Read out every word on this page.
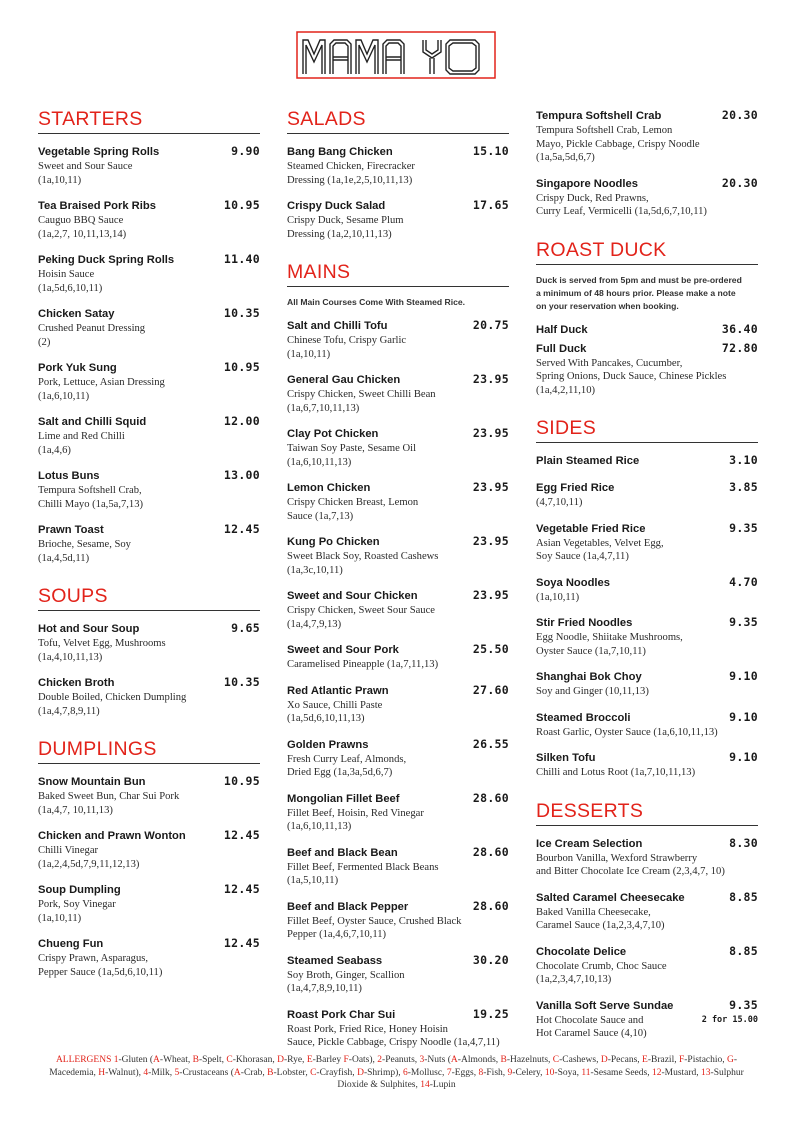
STARTERS
Vegetable Spring Rolls	9.90
Sweet and Sour Sauce
(1a,10,11)
Tea Braised Pork Ribs	10.95
Cauguo BBQ Sauce
(1a,2,7, 10,11,13,14)
Peking Duck Spring Rolls	11.40
Hoisin Sauce
(1a,5d,6,10,11)
Chicken Satay	10.35
Crushed Peanut Dressing
(2)
Pork Yuk Sung	10.95
Pork, Lettuce, Asian Dressing
(1a,6,10,11)
Salt and Chilli Squid	12.00
Lime and Red Chilli
(1a,4,6)
Lotus Buns	13.00
Tempura Softshell Crab,
Chilli Mayo (1a,5a,7,13)
Prawn Toast	12.45
Brioche, Sesame, Soy
(1a,4,5d,11)
SOUPS
Hot and Sour Soup	9.65
Tofu, Velvet Egg, Mushrooms
(1a,4,10,11,13)
Chicken Broth	10.35
Double Boiled, Chicken Dumpling
(1a,4,7,8,9,11)
DUMPLINGS
Snow Mountain Bun	10.95
Baked Sweet Bun, Char Sui Pork
(1a,4,7, 10,11,13)
Chicken and Prawn Wonton	12.45
Chilli Vinegar
(1a,2,4,5d,7,9,11,12,13)
Soup Dumpling	12.45
Pork, Soy Vinegar
(1a,10,11)
Chueng Fun	12.45
Crispy Prawn, Asparagus,
Pepper Sauce (1a,5d,6,10,11)
SALADS
Bang Bang Chicken	15.10
Steamed Chicken, Firecracker
Dressing (1a,1e,2,5,10,11,13)
Crispy Duck Salad	17.65
Crispy Duck, Sesame Plum
Dressing (1a,2,10,11,13)
MAINS
All Main Courses Come With Steamed Rice.
Salt and Chilli Tofu	20.75
Chinese Tofu, Crispy Garlic
(1a,10,11)
General Gau Chicken	23.95
Crispy Chicken, Sweet Chilli Bean
(1a,6,7,10,11,13)
Clay Pot Chicken	23.95
Taiwan Soy Paste, Sesame Oil
(1a,6,10,11,13)
Lemon Chicken	23.95
Crispy Chicken Breast, Lemon
Sauce (1a,7,13)
Kung Po Chicken	23.95
Sweet Black Soy, Roasted Cashews
(1a,3c,10,11)
Sweet and Sour Chicken	23.95
Crispy Chicken, Sweet Sour Sauce
(1a,4,7,9,13)
Sweet and Sour Pork	25.50
Caramelised Pineapple (1a,7,11,13)
Red Atlantic Prawn	27.60
Xo Sauce, Chilli Paste
(1a,5d,6,10,11,13)
Golden Prawns	26.55
Fresh Curry Leaf, Almonds,
Dried Egg (1a,3a,5d,6,7)
Mongolian Fillet Beef	28.60
Fillet Beef, Hoisin, Red Vinegar
(1a,6,10,11,13)
Beef and Black Bean	28.60
Fillet Beef, Fermented Black Beans
(1a,5,10,11)
Beef and Black Pepper	28.60
Fillet Beef, Oyster Sauce, Crushed Black
Pepper (1a,4,6,7,10,11)
Steamed Seabass	30.20
Soy Broth, Ginger, Scallion
(1a,4,7,8,9,10,11)
Roast Pork Char Sui	19.25
Roast Pork, Fried Rice, Honey Hoisin
Sauce, Pickle Cabbage, Crispy Noodle (1a,4,7,11)
Tempura Softshell Crab	20.30
Tempura Softshell Crab, Lemon
Mayo, Pickle Cabbage, Crispy Noodle
(1a,5a,5d,6,7)
Singapore Noodles	20.30
Crispy Duck, Red Prawns,
Curry Leaf, Vermicelli (1a,5d,6,7,10,11)
ROAST DUCK
Duck is served from 5pm and must be pre-ordered
a minimum of 48 hours prior. Please make a note
on your reservation when booking.
Half Duck	36.40
Full Duck	72.80
Served With Pancakes, Cucumber,
Spring Onions, Duck Sauce, Chinese Pickles
(1a,4,2,11,10)
SIDES
Plain Steamed Rice	3.10
Egg Fried Rice	3.85
(4,7,10,11)
Vegetable Fried Rice	9.35
Asian Vegetables, Velvet Egg,
Soy Sauce (1a,4,7,11)
Soya Noodles	4.70
(1a,10,11)
Stir Fried Noodles	9.35
Egg Noodle, Shiitake Mushrooms,
Oyster Sauce (1a,7,10,11)
Shanghai Bok Choy	9.10
Soy and Ginger (10,11,13)
Steamed Broccoli	9.10
Roast Garlic, Oyster Sauce (1a,6,10,11,13)
Silken Tofu	9.10
Chilli and Lotus Root (1a,7,10,11,13)
DESSERTS
Ice Cream Selection	8.30
Bourbon Vanilla, Wexford Strawberry
and Bitter Chocolate Ice Cream (2,3,4,7, 10)
Salted Caramel Cheesecake	8.85
Baked Vanilla Cheesecake,
Caramel Sauce (1a,2,3,4,7,10)
Chocolate Delice	8.85
Chocolate Crumb, Choc Sauce
(1a,2,3,4,7,10,13)
Vanilla Soft Serve Sundae	9.35
Hot Chocolate Sauce and	2 for 15.00
Hot Caramel Sauce (4,10)
ALLERGENS 1-Gluten (A-Wheat, B-Spelt, C-Khorasan, D-Rye, E-Barley F-Oats), 2-Peanuts, 3-Nuts (A-Almonds, B-Hazelnuts, C-Cashews, D-Pecans, E-Brazil, F-Pistachio, G-Macedemia, H-Walnut), 4-Milk, 5-Crustaceans (A-Crab, B-Lobster, C-Crayfish, D-Shrimp), 6-Mollusc, 7-Eggs, 8-Fish, 9-Celery, 10-Soya, 11-Sesame Seeds, 12-Mustard, 13-Sulphur Dioxide & Sulphites, 14-Lupin
